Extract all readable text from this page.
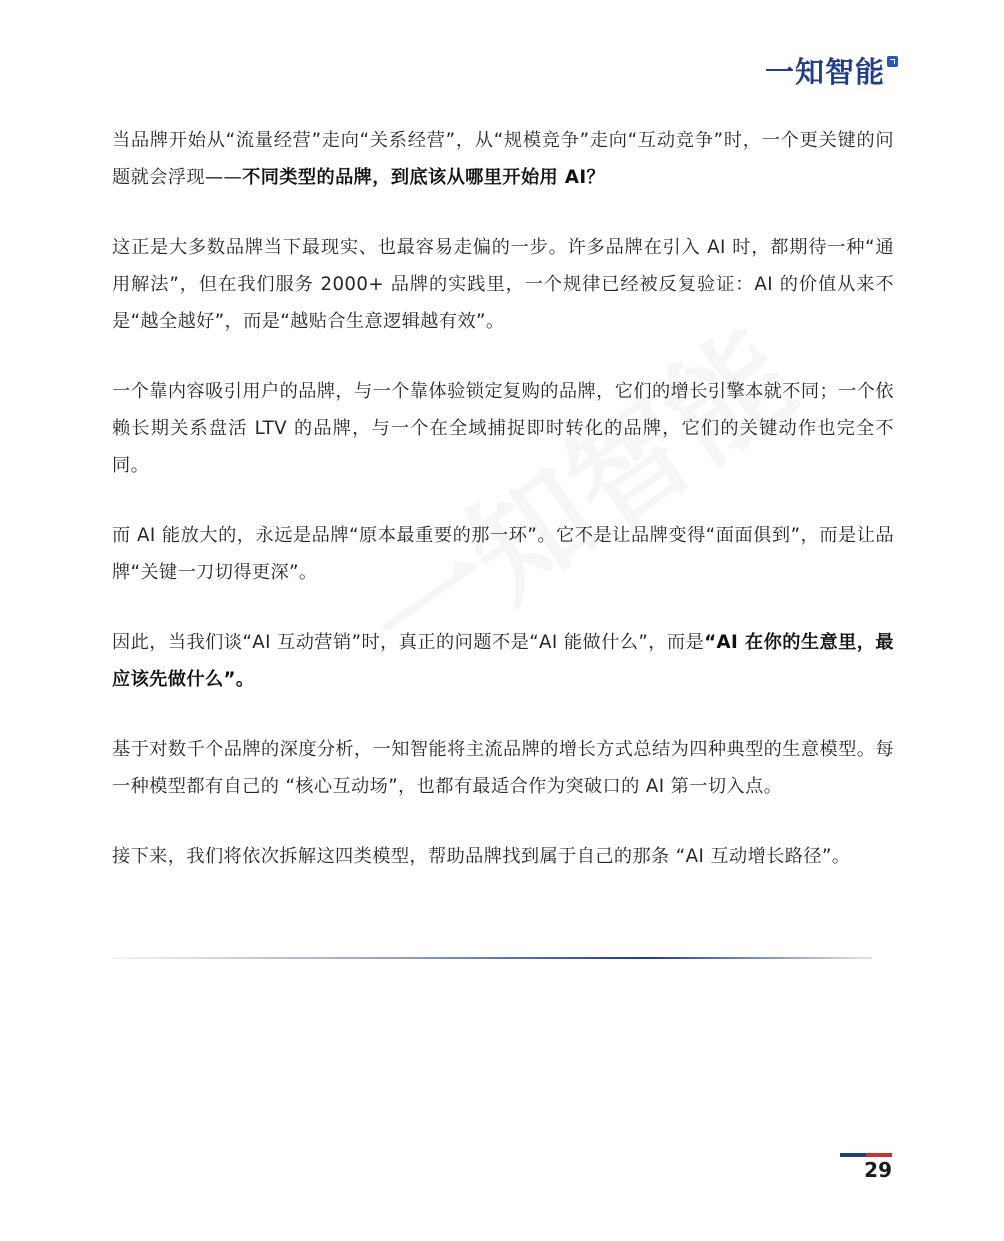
一知智能

当品牌开始从“流量经营”走向“关系经营”，从“规模竞争”走向“互动竞争”时，一个更关键的问题就会浮现——不同类型的品牌，到底该从哪里开始用 AI？

这正是大多数品牌当下最现实、也最容易走偏的一步。许多品牌在引入 AI 时，都期待一种“通用解法”，但在我们服务 2000+ 品牌的实践里，一个规律已经被反复验证：AI 的价值从来不是“越全越好”，而是“越贴合生意逻辑越有效”。

一个靠内容吸引用户的品牌，与一个靠体验锁定复购的品牌，它们的增长引擎本就不同；一个依赖长期关系盘活 LTV 的品牌，与一个在全域捕捉即时转化的品牌，它们的关键动作也完全不同。

而 AI 能放大的，永远是品牌“原本最重要的那一环”。它不是让品牌变得“面面俱到”，而是让品牌“关键一刀切得更深”。

因此，当我们谈“AI 互动营销”时，真正的问题不是“AI 能做什么”，而是“AI 在你的生意里，最应该先做什么”。

基于对数千个品牌的深度分析，一知智能将主流品牌的增长方式总结为四种典型的生意模型。每一种模型都有自己的 “核心互动场”，也都有最适合作为突破口的 AI 第一切入点。

接下来，我们将依次拆解这四类模型，帮助品牌找到属于自己的那条 “AI 互动增长路径”。

29
